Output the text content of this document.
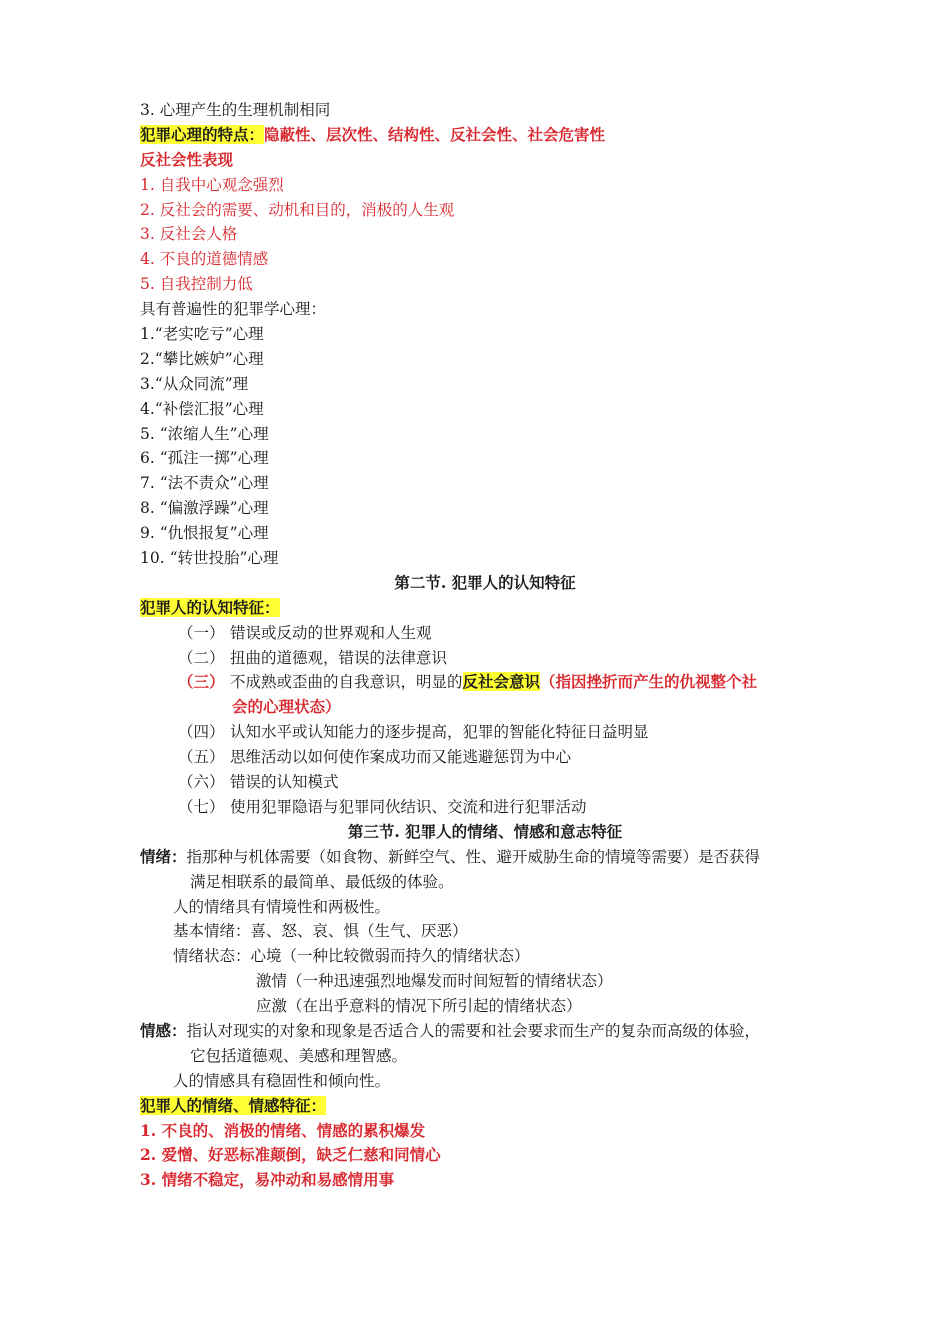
3. 心理产生的生理机制相同
犯罪心理的特点：隐蔽性、层次性、结构性、反社会性、社会危害性
反社会性表现
1. 自我中心观念强烈
2. 反社会的需要、动机和目的，消极的人生观
3. 反社会人格
4. 不良的道德情感
5. 自我控制力低
具有普遍性的犯罪学心理：
1.“老实吃亏”心理
2.“攀比嫉妒”心理
3.“从众同流”理
4.“补偿汇报”心理
5. “浓缩人生”心理
6. “孤注一掷”心理
7. “法不责众”心理
8. “偏激浮躁”心理
9. “仇恨报复”心理
10. “转世投胎”心理
第二节. 犯罪人的认知特征
犯罪人的认知特征：
（一） 错误或反动的世界观和人生观
（二） 扭曲的道德观，错误的法律意识
（三） 不成熟或歪曲的自我意识，明显的反社会意识（指因挫折而产生的仇视整个社
会的心理状态）
（四） 认知水平或认知能力的逐步提高，犯罪的智能化特征日益明显
（五） 思维活动以如何使作案成功而又能逃避惩罚为中心
（六） 错误的认知模式
（七） 使用犯罪隐语与犯罪同伙结识、交流和进行犯罪活动
第三节. 犯罪人的情绪、情感和意志特征
情绪：指那种与机体需要（如食物、新鲜空气、性、避开威胁生命的情境等需要）是否获得
满足相联系的最简单、最低级的体验。
人的情绪具有情境性和两极性。
基本情绪：喜、怒、哀、惧（生气、厌恶）
情绪状态：心境（一种比较微弱而持久的情绪状态）
激情（一种迅速强烈地爆发而时间短暂的情绪状态）
应激（在出乎意料的情况下所引起的情绪状态）
情感：指认对现实的对象和现象是否适合人的需要和社会要求而生产的复杂而高级的体验，
它包括道德观、美感和理智感。
人的情感具有稳固性和倾向性。
犯罪人的情绪、情感特征：
1. 不良的、消极的情绪、情感的累积爆发
2. 爱憎、好恶标准颠倒，缺乏仁慈和同情心
3. 情绪不稳定，易冲动和易感情用事
